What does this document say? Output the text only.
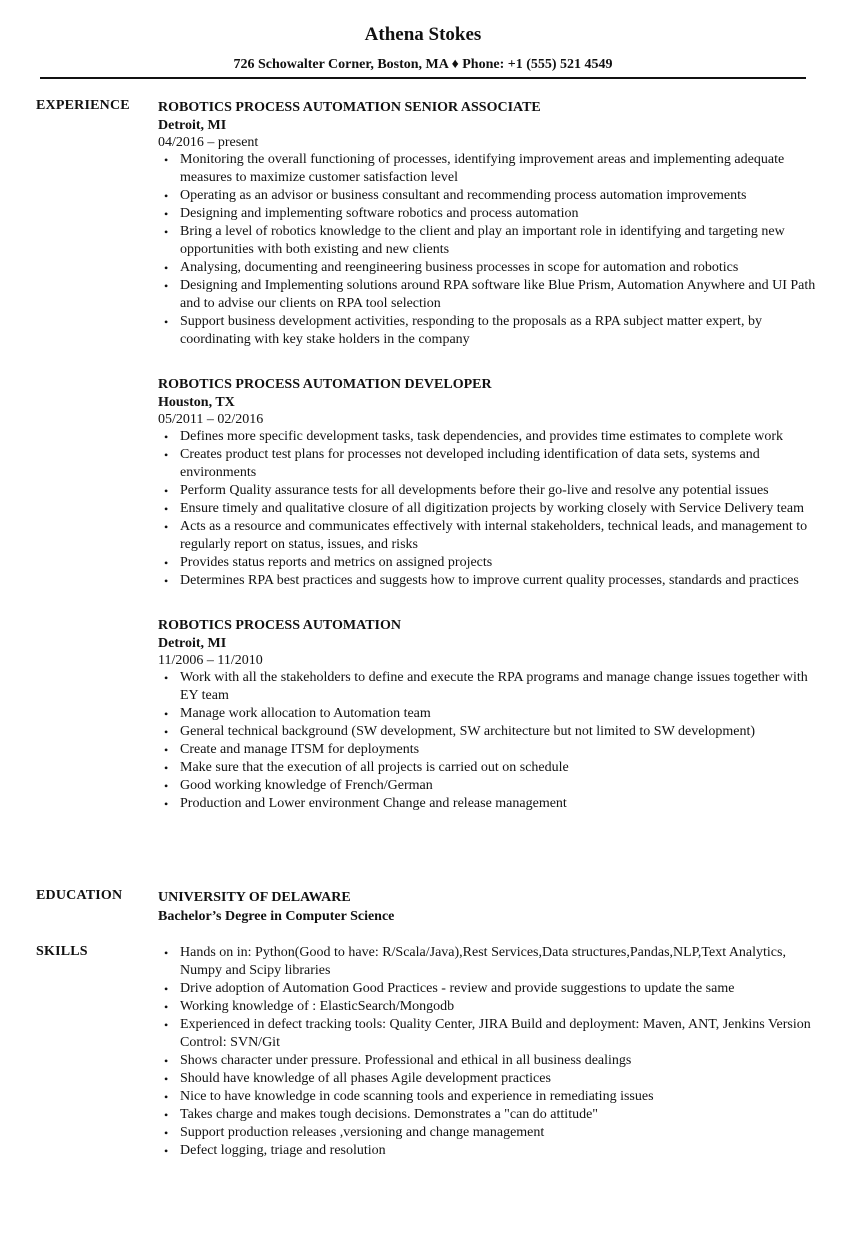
Athena Stokes
726 Schowalter Corner, Boston, MA ♦ Phone: +1 (555) 521 4549
EXPERIENCE ROBOTICS PROCESS AUTOMATION SENIOR ASSOCIATE
Detroit, MI
04/2016 – present
• Monitoring the overall functioning of processes, identifying improvement areas and implementing adequate measures to maximize customer satisfaction level
• Operating as an advisor or business consultant and recommending process automation improvements
• Designing and implementing software robotics and process automation
• Bring a level of robotics knowledge to the client and play an important role in identifying and targeting new opportunities with both existing and new clients
• Analysing, documenting and reengineering business processes in scope for automation and robotics
• Designing and Implementing solutions around RPA software like Blue Prism, Automation Anywhere and UI Path and to advise our clients on RPA tool selection
• Support business development activities, responding to the proposals as a RPA subject matter expert, by coordinating with key stake holders in the company
ROBOTICS PROCESS AUTOMATION DEVELOPER
Houston, TX
05/2011 – 02/2016
• Defines more specific development tasks, task dependencies, and provides time estimates to complete work
• Creates product test plans for processes not developed including identification of data sets, systems and environments
• Perform Quality assurance tests for all developments before their go-live and resolve any potential issues
• Ensure timely and qualitative closure of all digitization projects by working closely with Service Delivery team
• Acts as a resource and communicates effectively with internal stakeholders, technical leads, and management to regularly report on status, issues, and risks
• Provides status reports and metrics on assigned projects
• Determines RPA best practices and suggests how to improve current quality processes, standards and practices
ROBOTICS PROCESS AUTOMATION
Detroit, MI
11/2006 – 11/2010
• Work with all the stakeholders to define and execute the RPA programs and manage change issues together with EY team
• Manage work allocation to Automation team
• General technical background (SW development, SW architecture but not limited to SW development)
• Create and manage ITSM for deployments
• Make sure that the execution of all projects is carried out on schedule
• Good working knowledge of French/German
• Production and Lower environment Change and release management
EDUCATION	UNIVERSITY OF DELAWARE
Bachelor’s Degree in Computer Science
SKILLS	• Hands on in: Python(Good to have: R/Scala/Java),Rest Services,Data structures,Pandas,NLP,Text Analytics, Numpy and Scipy libraries
• Drive adoption of Automation Good Practices - review and provide suggestions to update the same
• Working knowledge of : ElasticSearch/Mongodb
• Experienced in defect tracking tools: Quality Center, JIRA Build and deployment: Maven, ANT, Jenkins Version Control: SVN/Git
• Shows character under pressure. Professional and ethical in all business dealings
• Should have knowledge of all phases Agile development practices
• Nice to have knowledge in code scanning tools and experience in remediating issues
• Takes charge and makes tough decisions. Demonstrates a "can do attitude"
• Support production releases ,versioning and change management
• Defect logging, triage and resolution
